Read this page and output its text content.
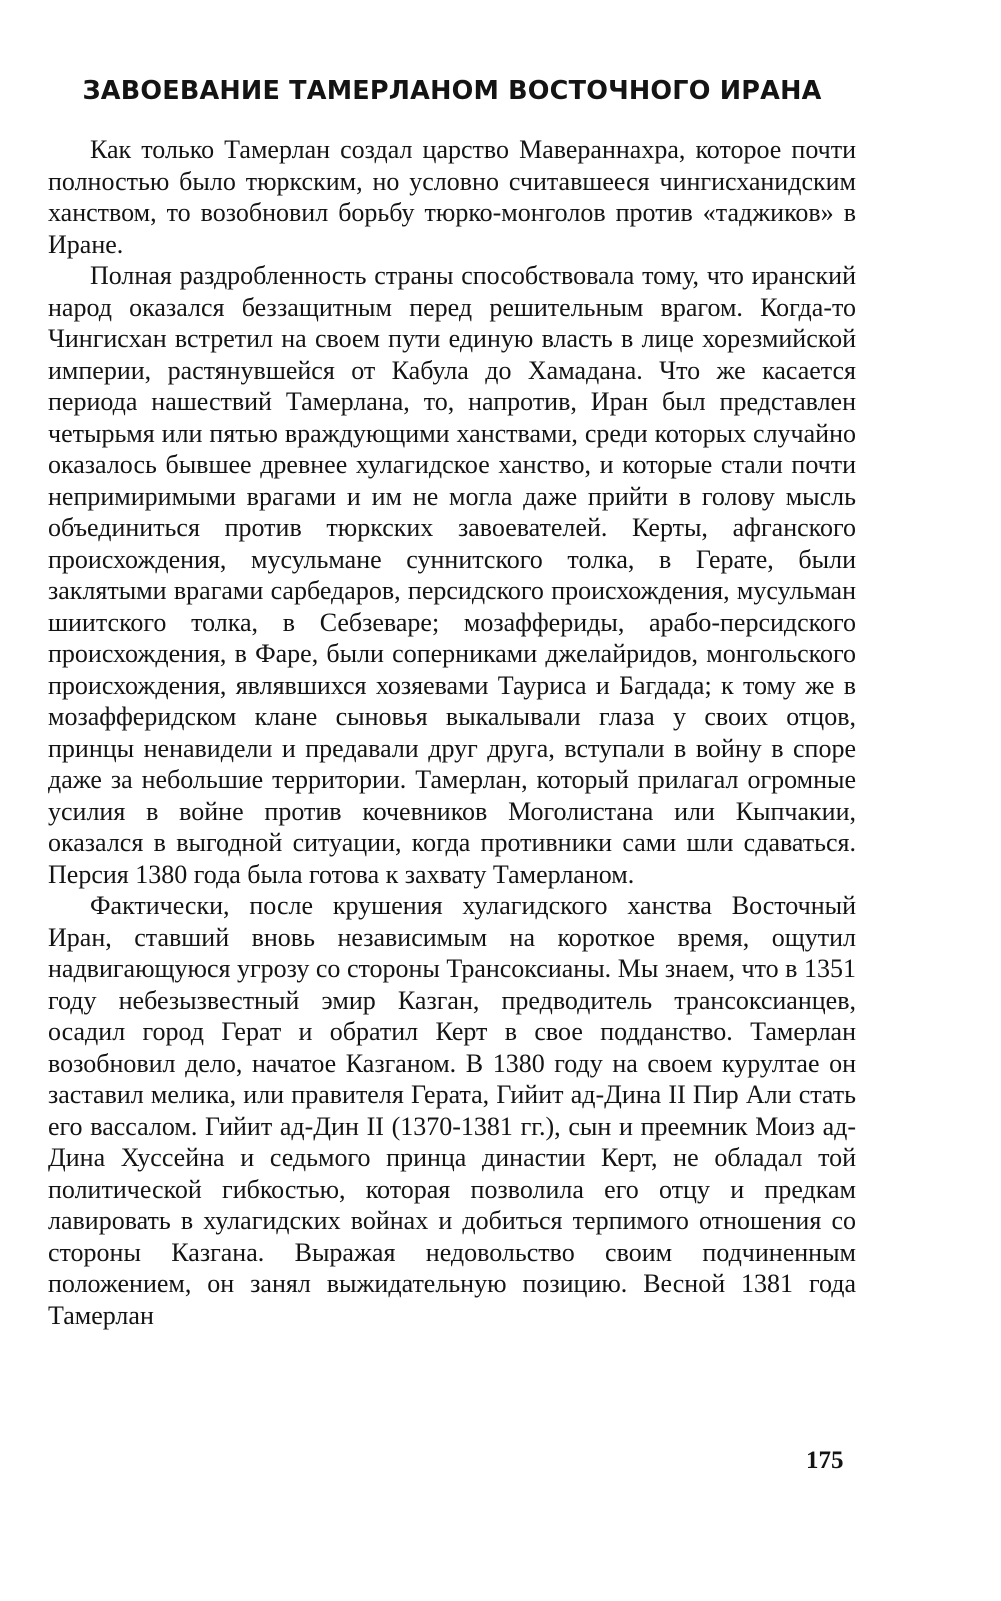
ЗАВОЕВАНИЕ ТАМЕРЛАНОМ ВОСТОЧНОГО ИРАНА

Как только Тамерлан создал царство Мавераннахра, которое почти полностью было тюркским, но условно считавшееся чингисханидским ханством, то возобновил борьбу тюрко-монголов против «таджиков» в Иране.

Полная раздробленность страны способствовала тому, что иранский народ оказался беззащитным перед решительным врагом. Когда-то Чингисхан встретил на своем пути единую власть в лице хорезмийской империи, растянувшейся от Кабула до Хамадана. Что же касается периода нашествий Тамерлана, то, напротив, Иран был представлен четырьмя или пятью враждующими ханствами, среди которых случайно оказалось бывшее древнее хулагидское ханство, и которые стали почти непримиримыми врагами и им не могла даже прийти в голову мысль объединиться против тюркских завоевателей. Керты, афганского происхождения, мусульмане суннитского толка, в Герате, были заклятыми врагами сарбедаров, персидского происхождения, мусульман шиитского толка, в Себзеваре; мозаффериды, арабо-персидского происхождения, в Фаре, были соперниками джелайридов, монгольского происхождения, являвшихся хозяевами Тауриса и Багдада; к тому же в мозафферидском клане сыновья выкалывали глаза у своих отцов, принцы ненавидели и предавали друг друга, вступали в войну в споре даже за небольшие территории. Тамерлан, который прилагал огромные усилия в войне против кочевников Моголистана или Кыпчакии, оказался в выгодной ситуации, когда противники сами шли сдаваться. Персия 1380 года была готова к захвату Тамерланом.

Фактически, после крушения хулагидского ханства Восточный Иран, ставший вновь независимым на короткое время, ощутил надвигающуюся угрозу со стороны Трансоксианы. Мы знаем, что в 1351 году небезызвестный эмир Казган, предводитель трансоксианцев, осадил город Герат и обратил Керт в свое подданство. Тамерлан возобновил дело, начатое Казганом. В 1380 году на своем курултае он заставил мелика, или правителя Герата, Гийит ад-Дина II Пир Али стать его вассалом. Гийит ад-Дин II (1370-1381 гг.), сын и преемник Моиз ад-Дина Хуссейна и седьмого принца династии Керт, не обладал той политической гибкостью, которая позволила его отцу и предкам лавировать в хулагидских войнах и добиться терпимого отношения со стороны Казгана. Выражая недовольство своим подчиненным положением, он занял выжидательную позицию. Весной 1381 года Тамерлан

175
